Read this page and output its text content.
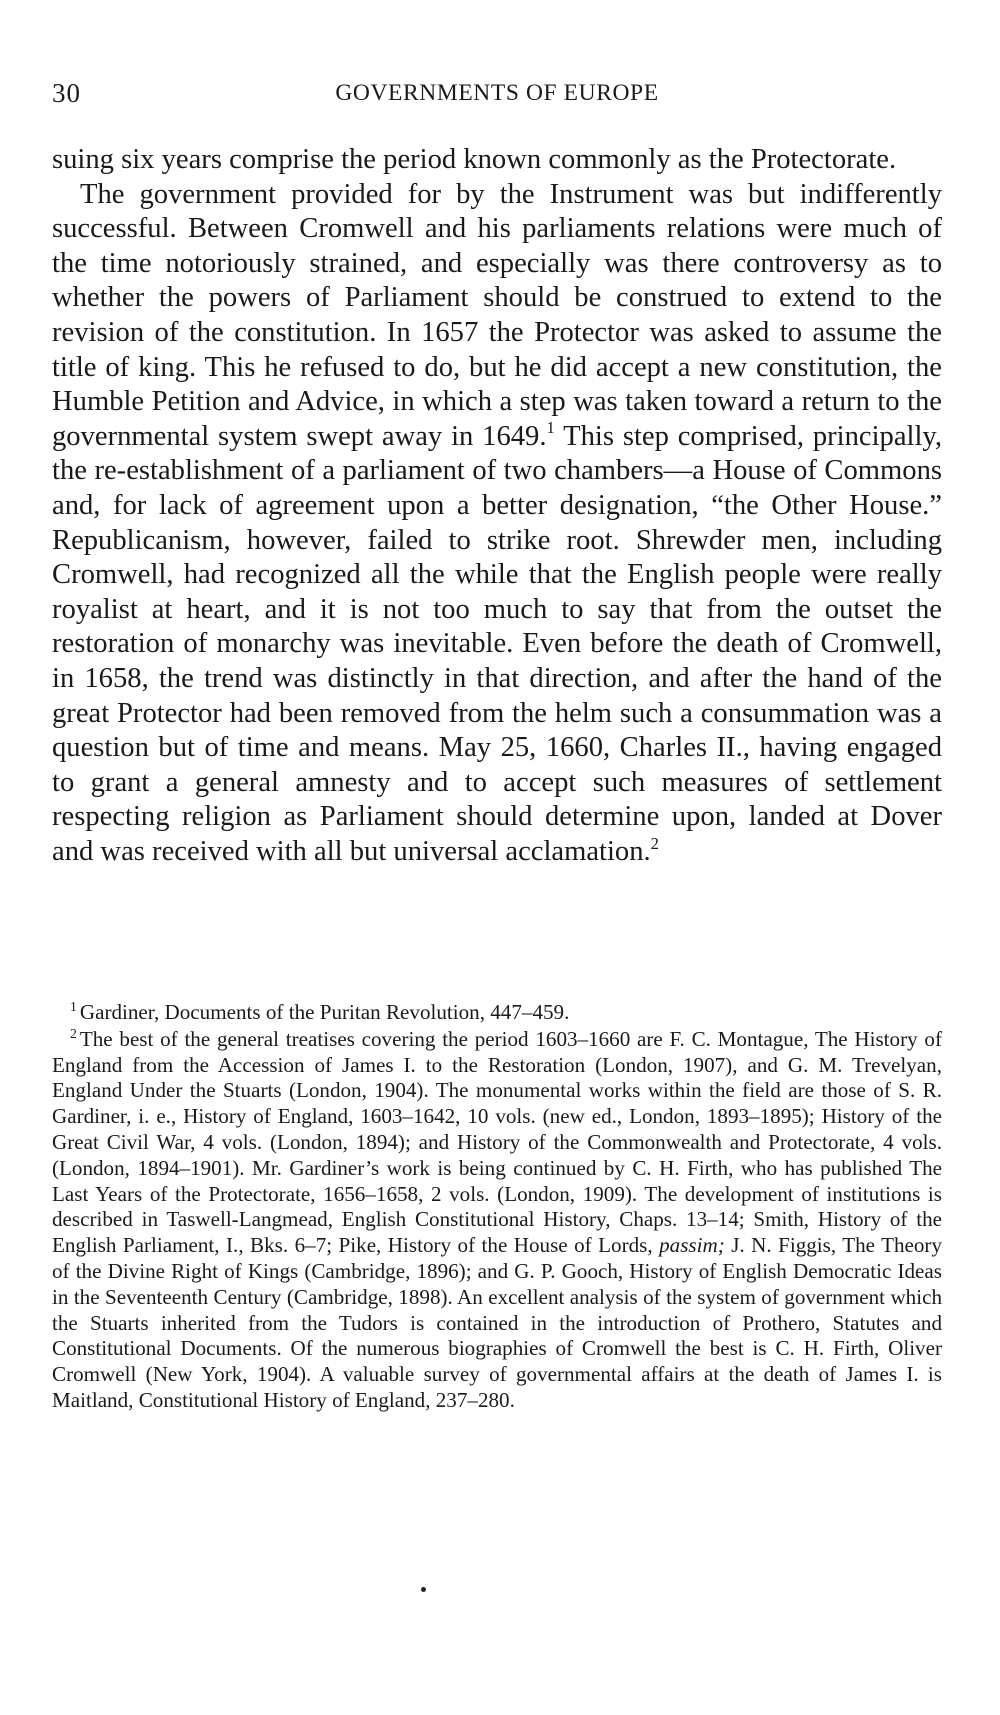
30	GOVERNMENTS OF EUROPE

suing six years comprise the period known commonly as the Protectorate.

The government provided for by the Instrument was but indifferently successful. Between Cromwell and his parliaments relations were much of the time notoriously strained, and especially was there controversy as to whether the powers of Parliament should be construed to extend to the revision of the constitution. In 1657 the Protector was asked to assume the title of king. This he refused to do, but he did accept a new constitution, the Humble Petition and Advice, in which a step was taken toward a return to the governmental system swept away in 1649.$^1$ This step comprised, principally, the re-establishment of a parliament of two chambers—a House of Commons and, for lack of agreement upon a better designation, “the Other House.” Republicanism, however, failed to strike root. Shrewder men, including Cromwell, had recognized all the while that the English people were really royalist at heart, and it is not too much to say that from the outset the restoration of monarchy was inevitable. Even before the death of Cromwell, in 1658, the trend was distinctly in that direction, and after the hand of the great Protector had been removed from the helm such a consummation was a question but of time and means. May 25, 1660, Charles II., having engaged to grant a general amnesty and to accept such measures of settlement respecting religion as Parliament should determine upon, landed at Dover and was received with all but universal acclamation.$^2$

$^1$ Gardiner, Documents of the Puritan Revolution, 447–459.

$^2$ The best of the general treatises covering the period 1603–1660 are F. C. Montague, The History of England from the Accession of James I. to the Restoration (London, 1907), and G. M. Trevelyan, England Under the Stuarts (London, 1904). The monumental works within the field are those of S. R. Gardiner, i. e., History of England, 1603–1642, 10 vols. (new ed., London, 1893–1895); History of the Great Civil War, 4 vols. (London, 1894); and History of the Commonwealth and Protectorate, 4 vols. (London, 1894–1901). Mr. Gardiner’s work is being continued by C. H. Firth, who has published The Last Years of the Protectorate, 1656–1658, 2 vols. (London, 1909). The development of institutions is described in Taswell-Langmead, English Constitutional History, Chaps. 13–14; Smith, History of the English Parliament, I., Bks. 6–7; Pike, History of the House of Lords, passim; J. N. Figgis, The Theory of the Divine Right of Kings (Cambridge, 1896); and G. P. Gooch, History of English Democratic Ideas in the Seventeenth Century (Cambridge, 1898). An excellent analysis of the system of government which the Stuarts inherited from the Tudors is contained in the introduction of Prothero, Statutes and Constitutional Documents. Of the numerous biographies of Cromwell the best is C. H. Firth, Oliver Cromwell (New York, 1904). A valuable survey of governmental affairs at the death of James I. is Maitland, Constitutional History of England, 237–280.
